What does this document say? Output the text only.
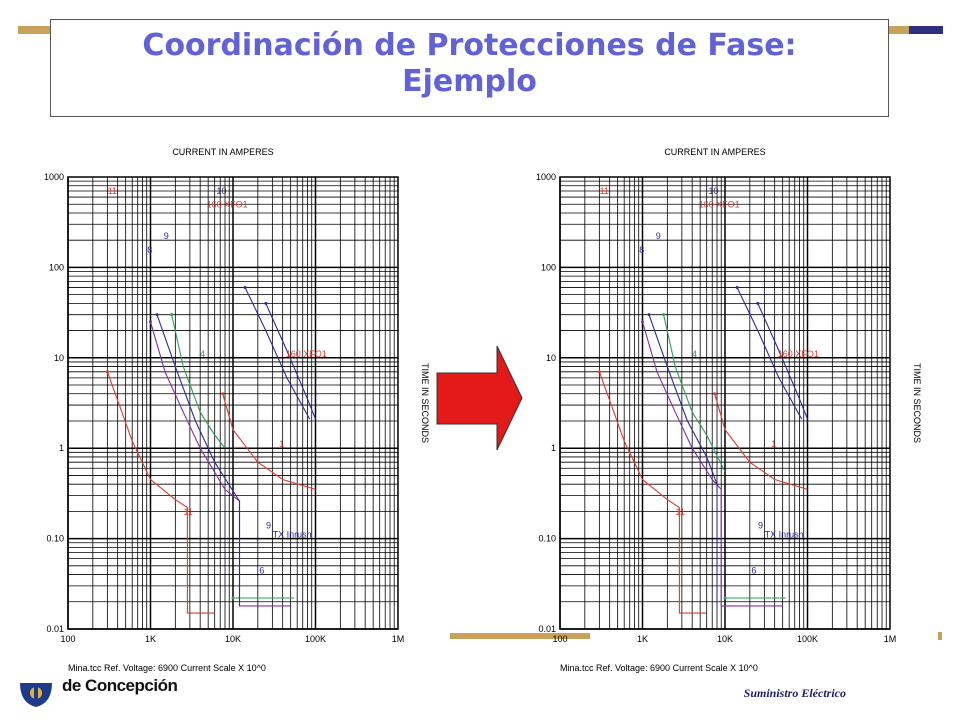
Coordinación de Protecciones de Fase:
Ejemplo
100	1K	10K	100K	1M
1000
100
10
1
0.10
0.01
CURRENT IN AMPERES
TIME IN SECONDS
Mina.tcc Ref. Voltage: 6900 Current Scale X 10^0
11	10
160 XFO1
9
8
4	160 XFO1
1
11
9
TX Inrush
6
100	1K	10K	100K	1M
1000
100
10
1
0.10
0.01
CURRENT IN AMPERES
TIME IN SECONDS
Mina.tcc Ref. Voltage: 6900 Current Scale X 10^0
11	10
160 XFO1
9
8
4	160 XFO1
1
11
9
TX Inrush
6
de Concepción	Suministro Eléctrico
